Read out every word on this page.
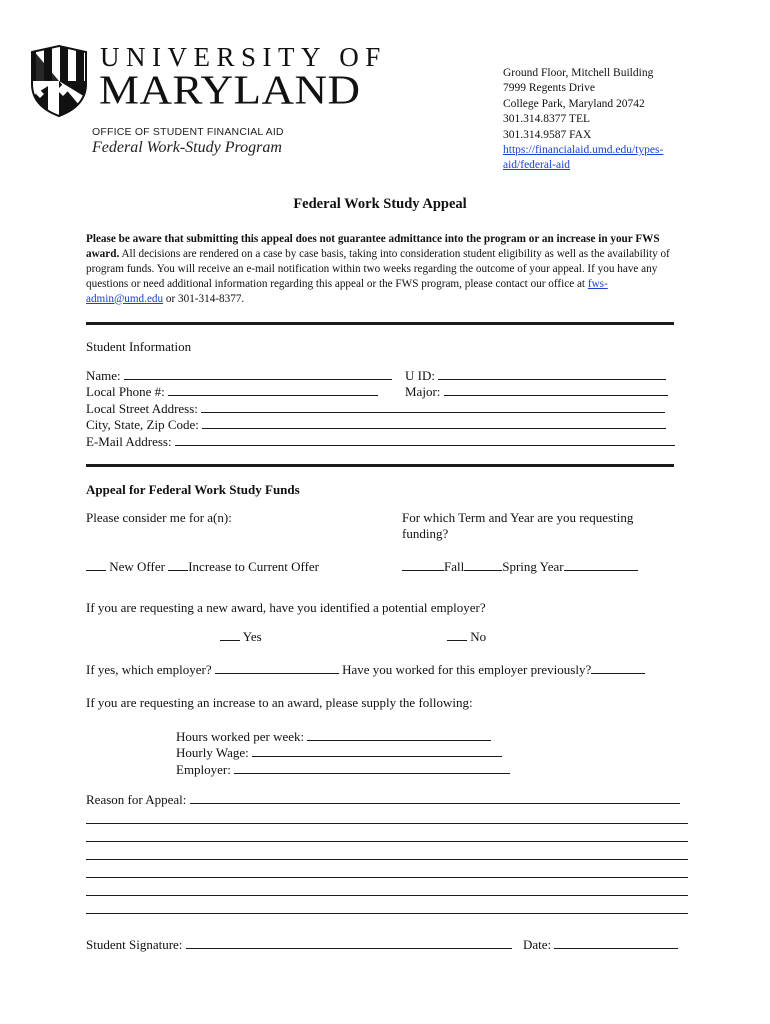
UNIVERSITY OF
MARYLAND
OFFICE OF STUDENT FINANCIAL AID
Federal Work-Study Program
Ground Floor, Mitchell Building
7999 Regents Drive
College Park, Maryland 20742
301.314.8377 TEL
301.314.9587 FAX
https://financialaid.umd.edu/types-
aid/federal-aid
Federal Work Study Appeal
Please be aware that submitting this appeal does not guarantee admittance into the program or an increase in your FWS award. All decisions are rendered on a case by case basis, taking into consideration student eligibility as well as the availability of program funds. You will receive an e-mail notification within two weeks regarding the outcome of your appeal. If you have any questions or need additional information regarding this appeal or the FWS program, please contact our office at fws-admin@umd.edu or 301-314-8377.
Student Information
Name:	U ID:
Local Phone #:	Major:
Local Street Address:
City, State, Zip Code:
E-Mail Address:
Appeal for Federal Work Study Funds
Please consider me for a(n):	For which Term and Year are you requesting
funding?
New Offer Increase to Current Offer	Fall	Spring Year
If you are requesting a new award, have you identified a potential employer?
Yes	No
If yes, which employer?	Have you worked for this employer previously?
If you are requesting an increase to an award, please supply the following:
Hours worked per week:
Hourly Wage:
Employer:
Reason for Appeal:
Student Signature:	Date:
